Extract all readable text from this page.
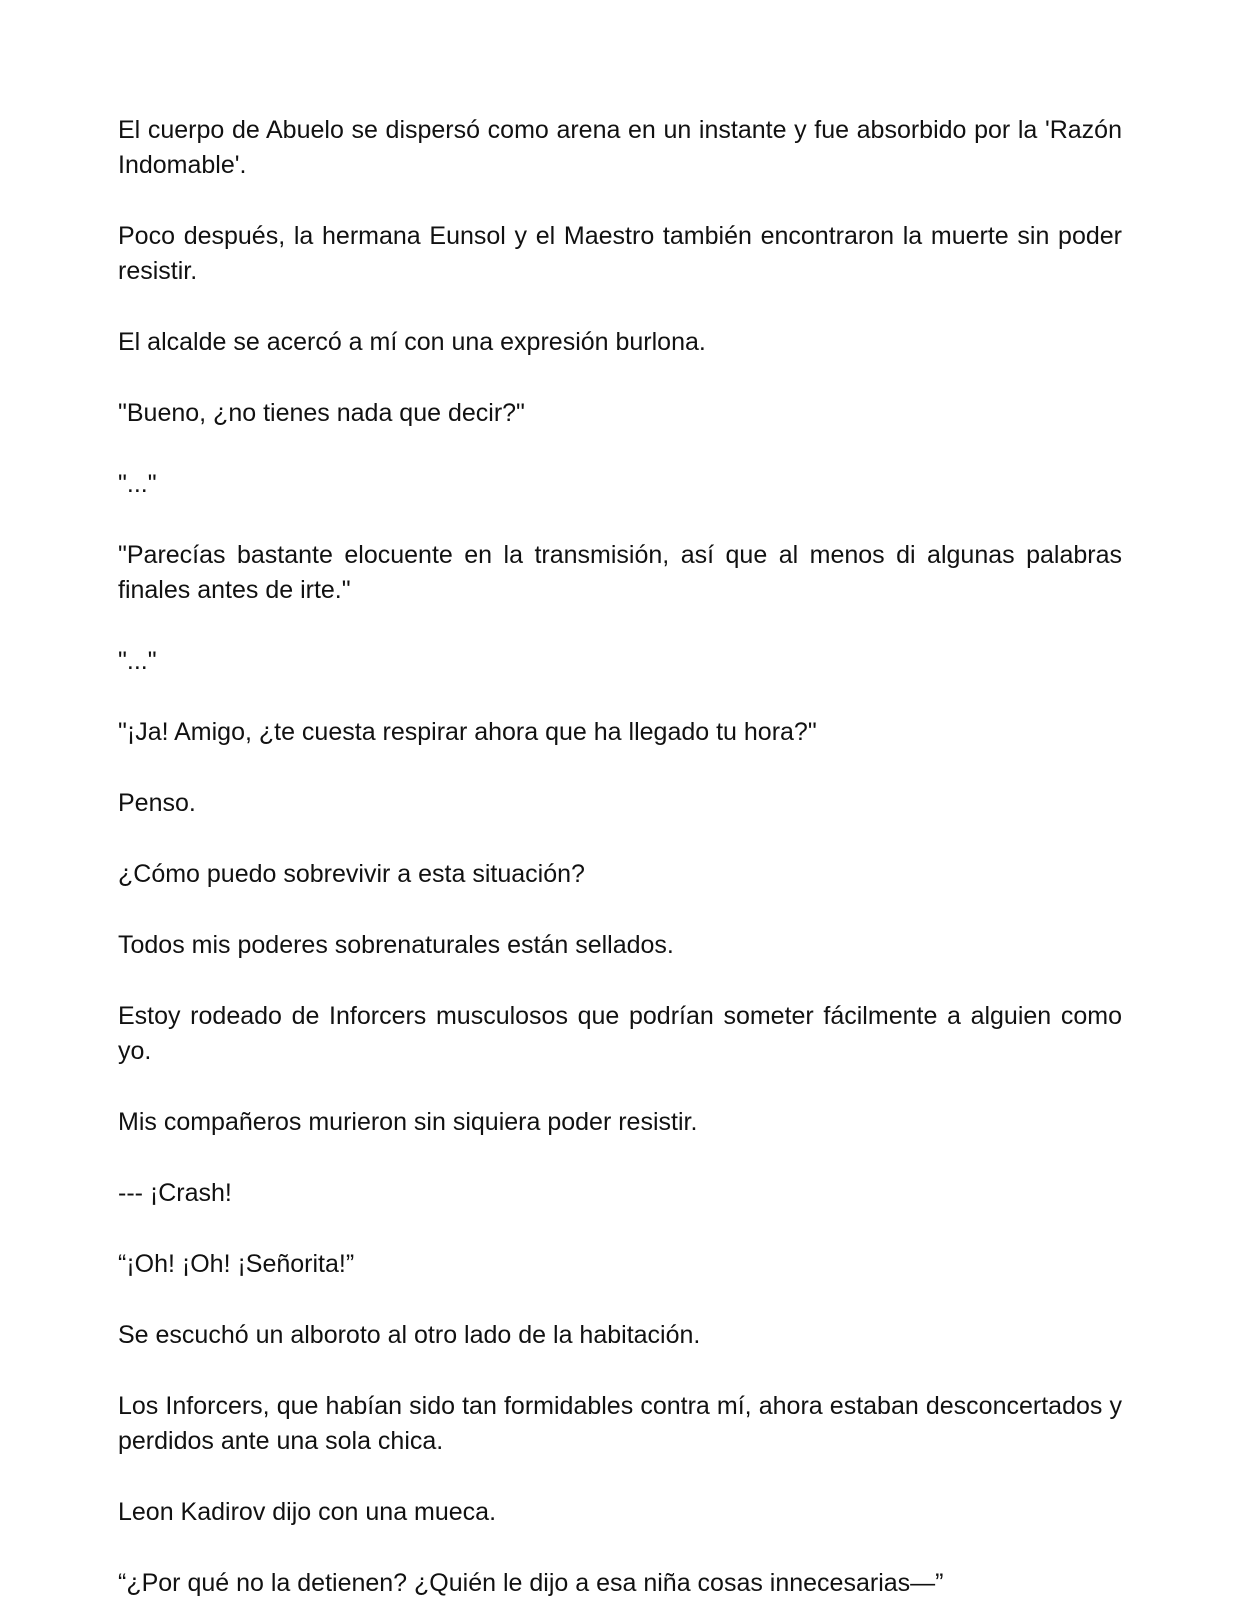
El cuerpo de Abuelo se dispersó como arena en un instante y fue absorbido por la 'Razón Indomable'.

Poco después, la hermana Eunsol y el Maestro también encontraron la muerte sin poder resistir.

El alcalde se acercó a mí con una expresión burlona.

"Bueno, ¿no tienes nada que decir?"

"..."

"Parecías bastante elocuente en la transmisión, así que al menos di algunas palabras finales antes de irte."

"..."

"¡Ja! Amigo, ¿te cuesta respirar ahora que ha llegado tu hora?"

Penso.

¿Cómo puedo sobrevivir a esta situación?

Todos mis poderes sobrenaturales están sellados.

Estoy rodeado de Inforcers musculosos que podrían someter fácilmente a alguien como yo.

Mis compañeros murieron sin siquiera poder resistir.

--- ¡Crash!

“¡Oh! ¡Oh! ¡Señorita!”

Se escuchó un alboroto al otro lado de la habitación.

Los Inforcers, que habían sido tan formidables contra mí, ahora estaban desconcertados y perdidos ante una sola chica.

Leon Kadirov dijo con una mueca.

“¿Por qué no la detienen? ¿Quién le dijo a esa niña cosas innecesarias—”
